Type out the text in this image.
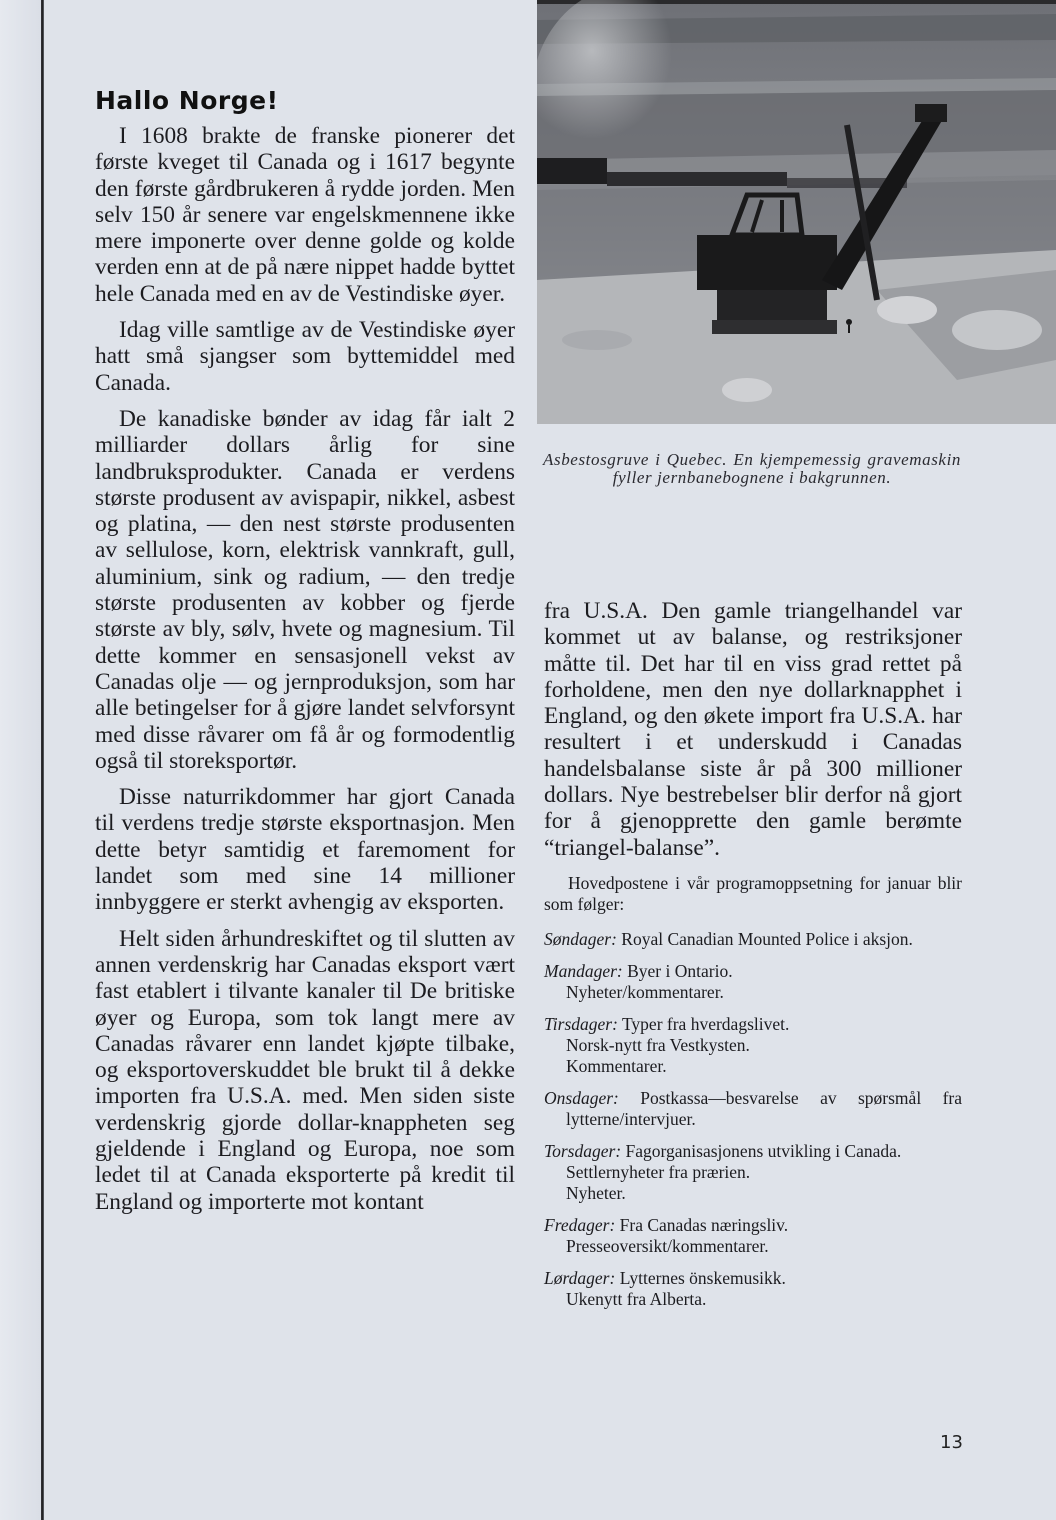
Hallo Norge!

I 1608 brakte de franske pionerer det første kveget til Canada og i 1617 begynte den første gårdbrukeren å rydde jorden. Men selv 150 år senere var engelskmennene ikke mere imponerte over denne golde og kolde verden enn at de på nære nippet hadde byttet hele Canada med en av de Vestindiske øyer.

Idag ville samtlige av de Vestindiske øyer hatt små sjangser som byttemiddel med Canada.

De kanadiske bønder av idag får ialt 2 milliarder dollars årlig for sine landbruksprodukter. Canada er verdens største produsent av avispapir, nikkel, asbest og platina, — den nest største produsenten av sellulose, korn, elektrisk vannkraft, gull, aluminium, sink og radium, — den tredje største produsenten av kobber og fjerde største av bly, sølv, hvete og magnesium. Til dette kommer en sensasjonell vekst av Canadas olje — og jernproduksjon, som har alle betingelser for å gjøre landet selvforsynt med disse råvarer om få år og formodentlig også til storeksportør.

Disse naturrikdommer har gjort Canada til verdens tredje største eksportnasjon. Men dette betyr samtidig et faremoment for landet som med sine 14 millioner innbyggere er sterkt avhengig av eksporten.

Helt siden århundreskiftet og til slutten av annen verdenskrig har Canadas eksport vært fast etablert i tilvante kanaler til De britiske øyer og Europa, som tok langt mere av Canadas råvarer enn landet kjøpte tilbake, og eksportoverskuddet ble brukt til å dekke importen fra U.S.A. med. Men siden siste verdenskrig gjorde dollar-knappheten seg gjeldende i England og Europa, noe som ledet til at Canada eksporterte på kredit til England og importerte mot kontant

Asbestosgruve i Quebec. En kjempemessig gravemaskin fyller jernbanebognene i bakgrunnen.

fra U.S.A. Den gamle triangelhandel var kommet ut av balanse, og restriksjoner måtte til. Det har til en viss grad rettet på forholdene, men den nye dollarknapphet i England, og den økete import fra U.S.A. har resultert i et underskudd i Canadas handelsbalanse siste år på 300 millioner dollars. Nye bestrebelser blir derfor nå gjort for å gjenopprette den gamle berømte “triangel-balanse”.

Hovedpostene i vår programoppsetning for januar blir som følger:

Søndager: Royal Canadian Mounted Police i aksjon.
Mandager: Byer i Ontario.
Nyheter/kommentarer.
Tirsdager: Typer fra hverdagslivet.
Norsk-nytt fra Vestkysten.
Kommentarer.
Onsdager: Postkassa—besvarelse av spørsmål fra lytterne/intervjuer.
Torsdager: Fagorganisasjonens utvikling i Canada.
Settlernyheter fra prærien.
Nyheter.
Fredager: Fra Canadas næringsliv.
Presseoversikt/kommentarer.
Lørdager: Lytternes önskemusikk.
Ukenytt fra Alberta.
13
